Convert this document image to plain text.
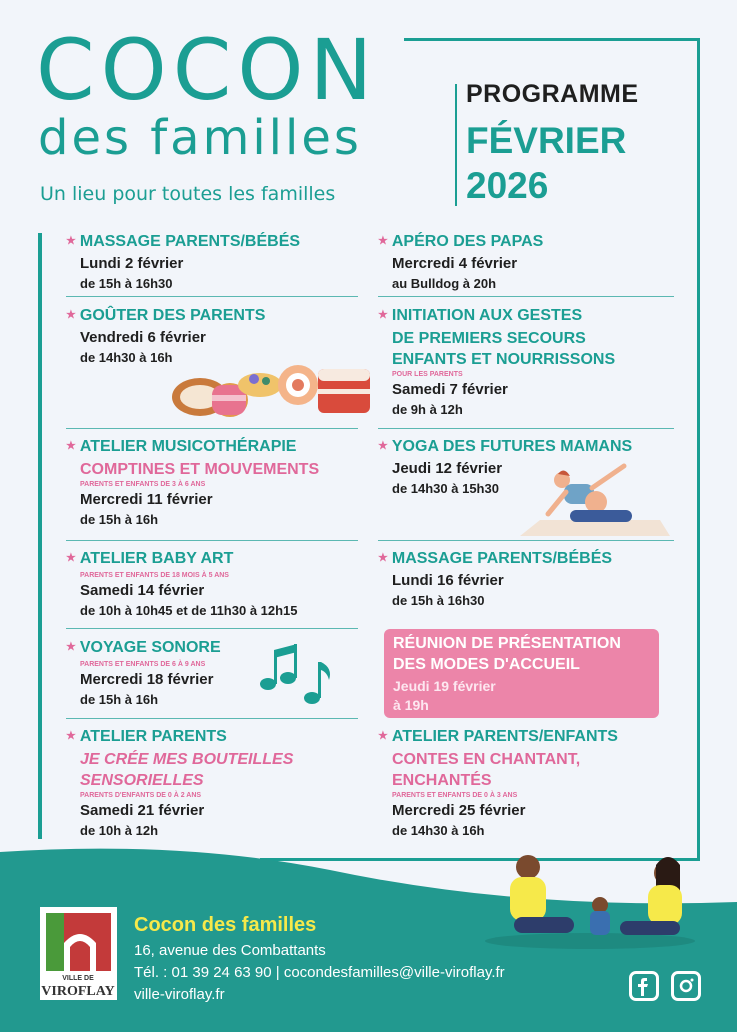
COCON
des familles
Un lieu pour toutes les familles
PROGRAMME
FÉVRIER
2026
★ MASSAGE PARENTS/BÉBÉS
Lundi 2 février
de 15h à 16h30
★ GOÛTER DES PARENTS
Vendredi 6 février
de 14h30 à 16h
★ ATELIER MUSICOTHÉRAPIE
COMPTINES ET MOUVEMENTS
PARENTS ET ENFANTS DE 3 À 6 ANS
Mercredi 11 février
de 15h à 16h
★ ATELIER BABY ART
PARENTS ET ENFANTS DE 18 MOIS À 5 ANS
Samedi 14 février
de 10h à 10h45 et de 11h30 à 12h15
★ VOYAGE SONORE
PARENTS ET ENFANTS DE 6 À 9 ANS
Mercredi 18 février
de 15h à 16h
★ ATELIER PARENTS
JE CRÉE MES BOUTEILLES
SENSORIELLES
PARENTS D'ENFANTS DE 0 À 2 ANS
Samedi 21 février
de 10h à 12h
★ APÉRO DES PAPAS
Mercredi 4 février
au Bulldog à 20h
★ INITIATION AUX GESTES
DE PREMIERS SECOURS
ENFANTS ET NOURRISSONS
POUR LES PARENTS
Samedi 7 février
de 9h à 12h
★ YOGA DES FUTURES MAMANS
Jeudi 12 février
de 14h30 à 15h30
★ MASSAGE PARENTS/BÉBÉS
Lundi 16 février
de 15h à 16h30
RÉUNION DE PRÉSENTATION
DES MODES D'ACCUEIL
Jeudi 19 février
à 19h
★ ATELIER PARENTS/ENFANTS
CONTES EN CHANTANT,
ENCHANTÉS
PARENTS ET ENFANTS DE 0 À 3 ANS
Mercredi 25 février
de 14h30 à 16h
VILLE DE
VIROFLAY
Cocon des familles
16, avenue des Combattants
Tél. : 01 39 24 63 90 | cocondesfamilles@ville-viroflay.fr
ville-viroflay.fr
